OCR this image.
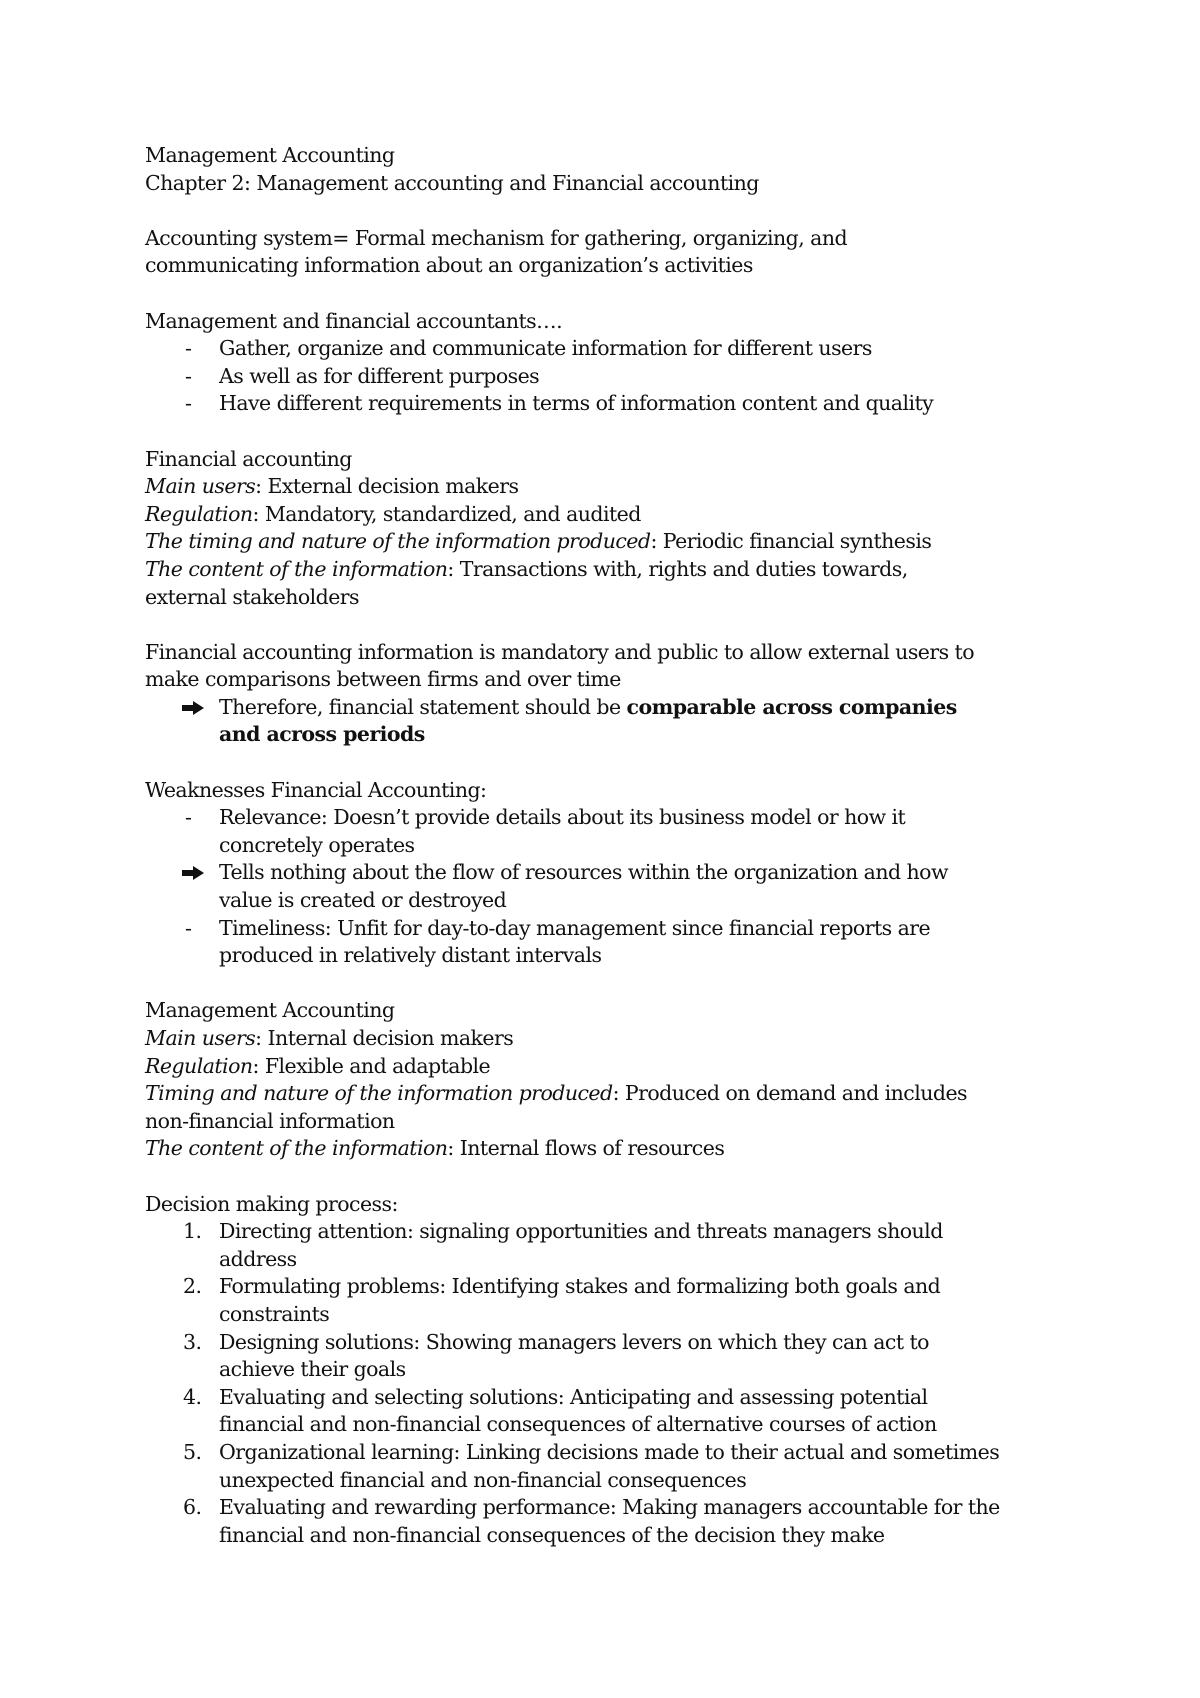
Management Accounting

Chapter 2: Management accounting and Financial accounting

Accounting system= Formal mechanism for gathering, organizing, and

communicating information about an organization’s activities

Management and financial accountants….

- Gather, organize and communicate information for different users
- As well as for different purposes
- Have different requirements in terms of information content and quality

Financial accounting

Main users: External decision makers

Regulation: Mandatory, standardized, and audited

The timing and nature of the information produced: Periodic financial synthesis

The content of the information: Transactions with, rights and duties towards,

external stakeholders

Financial accounting information is mandatory and public to allow external users to

make comparisons between firms and over time

Therefore, financial statement should be comparable across companies
and across periods

Weaknesses Financial Accounting:

- Relevance: Doesn’t provide details about its business model or how it
concretely operates
Tells nothing about the flow of resources within the organization and how
value is created or destroyed
- Timeliness: Unfit for day-to-day management since financial reports are
produced in relatively distant intervals

Management Accounting

Main users: Internal decision makers

Regulation: Flexible and adaptable

Timing and nature of the information produced: Produced on demand and includes

non-financial information

The content of the information: Internal flows of resources

Decision making process:

1. Directing attention: signaling opportunities and threats managers should
address
2. Formulating problems: Identifying stakes and formalizing both goals and
constraints
3. Designing solutions: Showing managers levers on which they can act to
achieve their goals
4. Evaluating and selecting solutions: Anticipating and assessing potential
financial and non-financial consequences of alternative courses of action
5. Organizational learning: Linking decisions made to their actual and sometimes
unexpected financial and non-financial consequences
6. Evaluating and rewarding performance: Making managers accountable for the
financial and non-financial consequences of the decision they make
